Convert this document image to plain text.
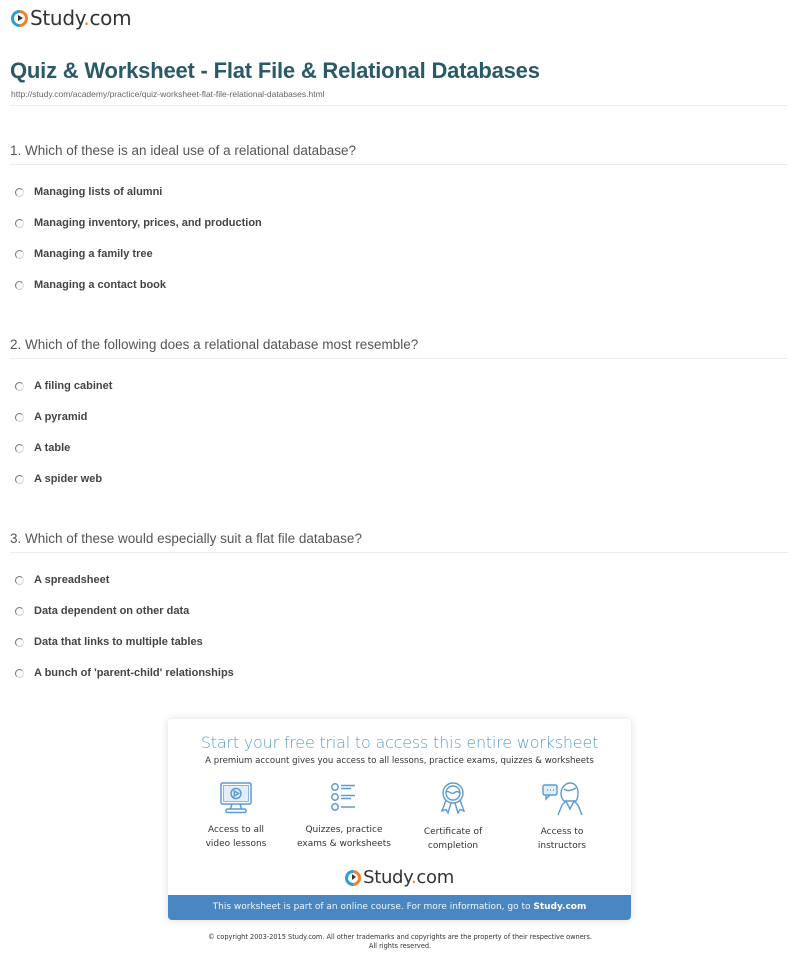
Study.com
Quiz & Worksheet - Flat File & Relational Databases
http://study.com/academy/practice/quiz-worksheet-flat-file-relational-databases.html
1. Which of these is an ideal use of a relational database?
Managing lists of alumni
Managing inventory, prices, and production
Managing a family tree
Managing a contact book
2. Which of the following does a relational database most resemble?
A filing cabinet
A pyramid
A table
A spider web
3. Which of these would especially suit a flat file database?
A spreadsheet
Data dependent on other data
Data that links to multiple tables
A bunch of 'parent-child' relationships
Start your free trial to access this entire worksheet
A premium account gives you access to all lessons, practice exams, quizzes & worksheets
Access to all
video lessons
Quizzes, practice
exams & worksheets
Certificate of
completion
Access to
instructors
Study.com
This worksheet is part of an online course. For more information, go to Study.com
© copyright 2003-2015 Study.com. All other trademarks and copyrights are the property of their respective owners.
All rights reserved.
